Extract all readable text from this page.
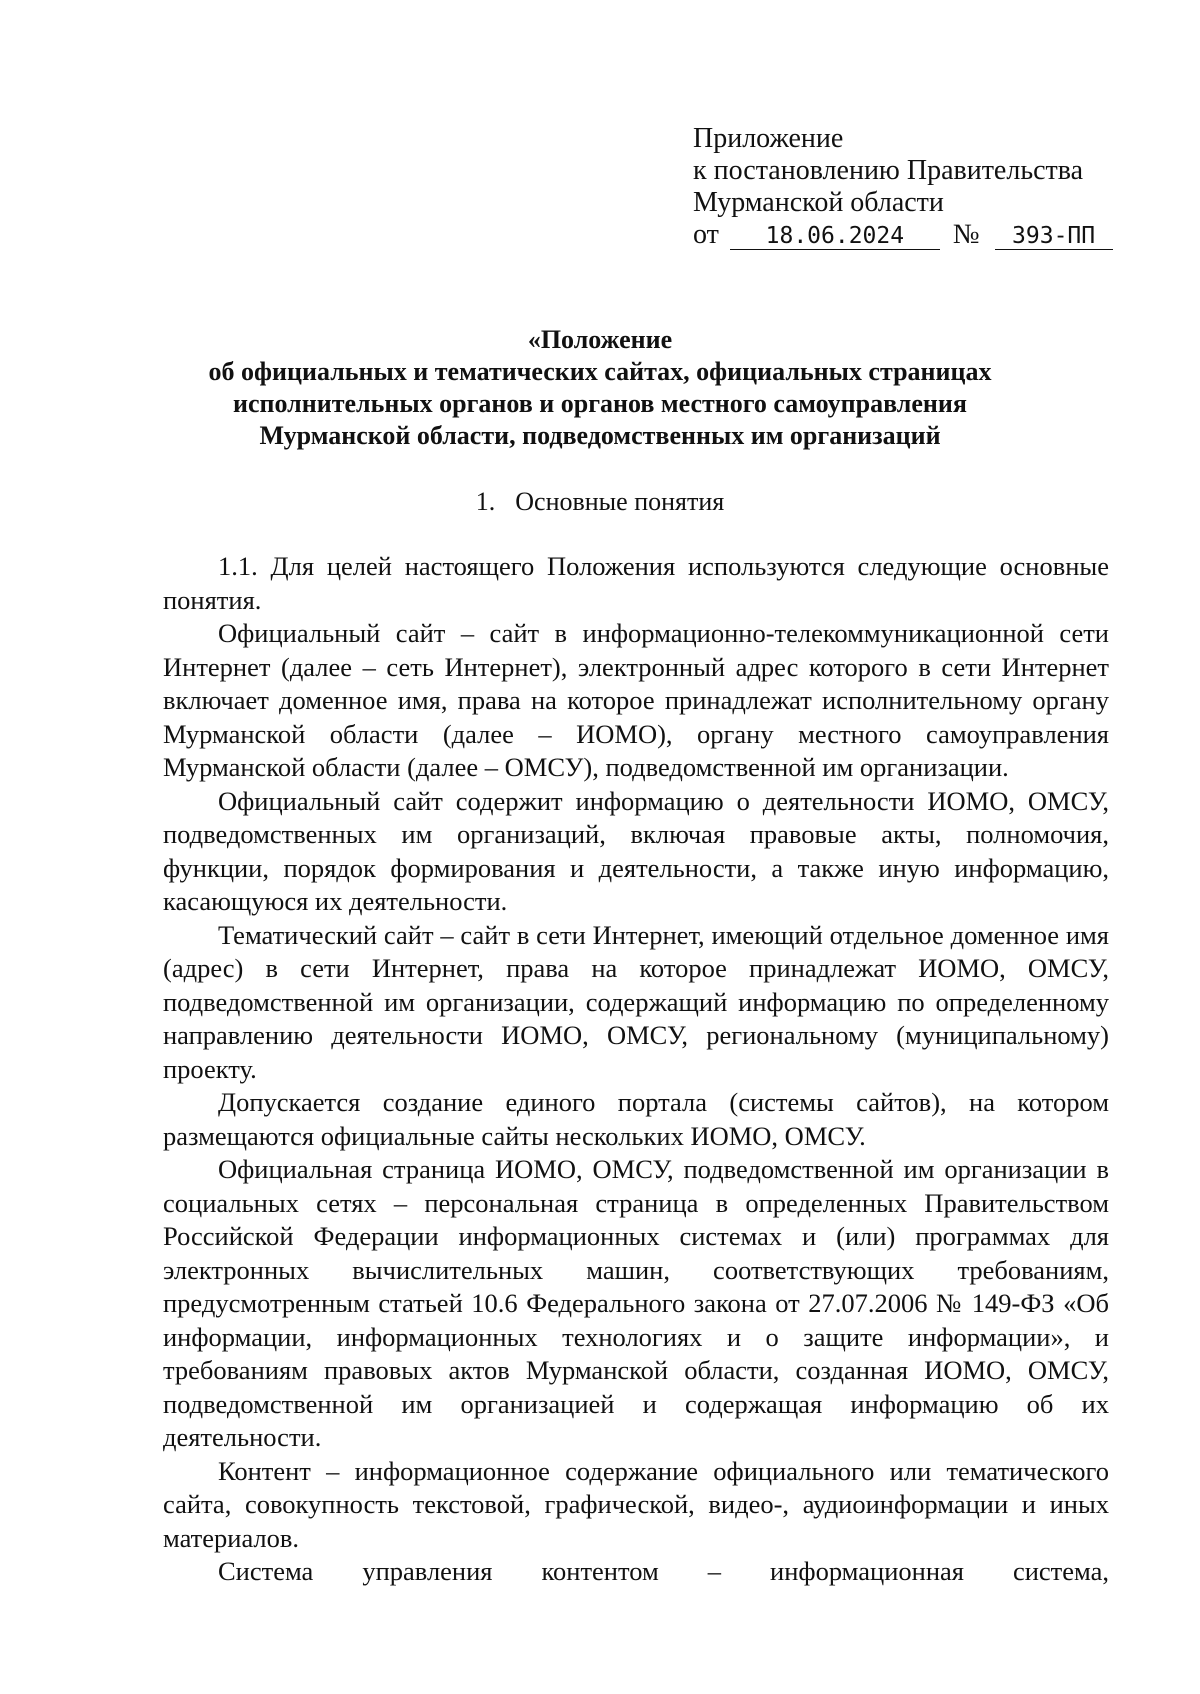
Приложение
к постановлению Правительства
Мурманской области
от 18.06.2024 № 393-ПП
«Положение
об официальных и тематических сайтах, официальных страницах
исполнительных органов и органов местного самоуправления
Мурманской области, подведомственных им организаций
1. Основные понятия

1.1. Для целей настоящего Положения используются следующие основные понятия.

Официальный сайт – сайт в информационно-телекоммуникационной сети Интернет (далее – сеть Интернет), электронный адрес которого в сети Интернет включает доменное имя, права на которое принадлежат исполнительному органу Мурманской области (далее – ИОМО), органу местного самоуправления Мурманской области (далее – ОМСУ), подведомственной им организации.

Официальный сайт содержит информацию о деятельности ИОМО, ОМСУ, подведомственных им организаций, включая правовые акты, полномочия, функции, порядок формирования и деятельности, а также иную информацию, касающуюся их деятельности.

Тематический сайт – сайт в сети Интернет, имеющий отдельное доменное имя (адрес) в сети Интернет, права на которое принадлежат ИОМО, ОМСУ, подведомственной им организации, содержащий информацию по определенному направлению деятельности ИОМО, ОМСУ, региональному (муниципальному) проекту.

Допускается создание единого портала (системы сайтов), на котором размещаются официальные сайты нескольких ИОМО, ОМСУ.

Официальная страница ИОМО, ОМСУ, подведомственной им организации в социальных сетях – персональная страница в определенных Правительством Российской Федерации информационных системах и (или) программах для электронных вычислительных машин, соответствующих требованиям, предусмотренным статьей 10.6 Федерального закона от 27.07.2006 № 149-ФЗ «Об информации, информационных технологиях и о защите информации», и требованиям правовых актов Мурманской области, созданная ИОМО, ОМСУ, подведомственной им организацией и содержащая информацию об их деятельности.

Контент – информационное содержание официального или тематического сайта, совокупность текстовой, графической, видео-, аудиоинформации и иных материалов.

Система управления контентом – информационная система,
